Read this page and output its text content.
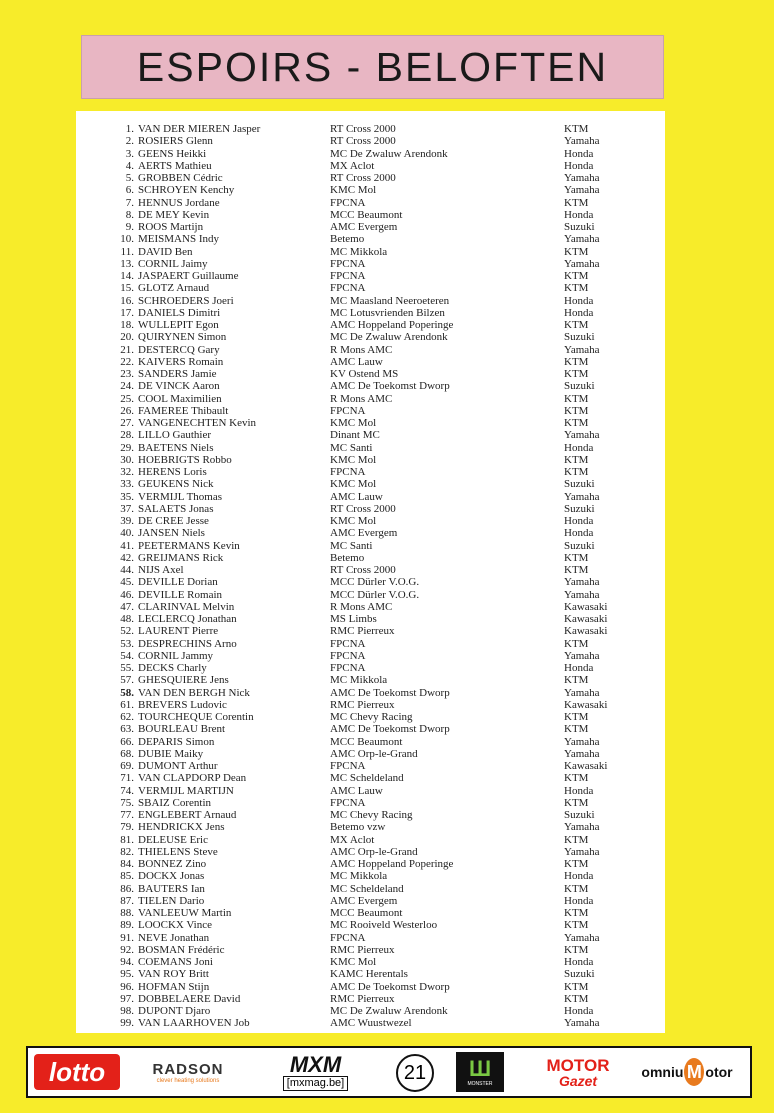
ESPOIRS - BELOFTEN
1. VAN DER MIEREN Jasper	RT Cross 2000	KTM
2. ROSIERS Glenn	RT Cross 2000	Yamaha
3. GEENS Heikki	MC De Zwaluw Arendonk	Honda
4. AERTS Mathieu	MX Aclot	Honda
5. GROBBEN Cédric	RT Cross 2000	Yamaha
6. SCHROYEN Kenchy	KMC Mol	Yamaha
7. HENNUS Jordane	FPCNA	KTM
8. DE MEY Kevin	MCC Beaumont	Honda
9. ROOS Martijn	AMC Evergem	Suzuki
10. MEISMANS Indy	Betemo	Yamaha
11. DAVID Ben	MC Mikkola	KTM
13. CORNIL Jaimy	FPCNA	Yamaha
14. JASPAERT Guillaume	FPCNA	KTM
15. GLOTZ Arnaud	FPCNA	KTM
16. SCHROEDERS Joeri	MC Maasland Neeroeteren	Honda
17. DANIELS Dimitri	MC Lotusvrienden Bilzen	Honda
18. WULLEPIT Egon	AMC Hoppeland Poperinge	KTM
20. QUIRYNEN Simon	MC De Zwaluw Arendonk	Suzuki
21. DESTERCQ Gary	R Mons AMC	Yamaha
22. KAIVERS Romain	AMC Lauw	KTM
23. SANDERS Jamie	KV Ostend MS	KTM
24. DE VINCK Aaron	AMC De Toekomst Dworp	Suzuki
25. COOL Maximilien	R Mons AMC	KTM
26. FAMEREE Thibault	FPCNA	KTM
27. VANGENECHTEN Kevin	KMC Mol	KTM
28. LILLO Gauthier	Dinant MC	Yamaha
29. BAETENS Niels	MC Santi	Honda
30. HOEBRIGTS Robbo	KMC Mol	KTM
32. HERENS Loris	FPCNA	KTM
33. GEUKENS Nick	KMC Mol	Suzuki
35. VERMIJL Thomas	AMC Lauw	Yamaha
37. SALAETS Jonas	RT Cross 2000	Suzuki
39. DE CREE Jesse	KMC Mol	Honda
40. JANSEN Niels	AMC Evergem	Honda
41. PEETERMANS Kevin	MC Santi	Suzuki
42. GREIJMANS Rick	Betemo	KTM
44. NIJS Axel	RT Cross 2000	KTM
45. DEVILLE Dorian	MCC Dürler V.O.G.	Yamaha
46. DEVILLE Romain	MCC Dürler V.O.G.	Yamaha
47. CLARINVAL Melvin	R Mons AMC	Kawasaki
48. LECLERCQ Jonathan	MS Limbs	Kawasaki
52. LAURENT Pierre	RMC Pierreux	Kawasaki
53. DESPRECHINS Arno	FPCNA	KTM
54. CORNIL Jammy	FPCNA	Yamaha
55. DECKS Charly	FPCNA	Honda
57. GHESQUIERE Jens	MC Mikkola	KTM
58. VAN DEN BERGH Nick	AMC De Toekomst Dworp	Yamaha
61. BREVERS Ludovic	RMC Pierreux	Kawasaki
62. TOURCHEQUE Corentin	MC Chevy Racing	KTM
63. BOURLEAU Brent	AMC De Toekomst Dworp	KTM
66. DEPARIS Simon	MCC Beaumont	Yamaha
68. DUBIE Maiky	AMC Orp-le-Grand	Yamaha
69. DUMONT Arthur	FPCNA	Kawasaki
71. VAN CLAPDORP Dean	MC Scheldeland	KTM
74. VERMIJL MARTIJN	AMC Lauw	Honda
75. SBAIZ Corentin	FPCNA	KTM
77. ENGLEBERT Arnaud	MC Chevy Racing	Suzuki
79. HENDRICKX Jens	Betemo vzw	Yamaha
81. DELEUSE Eric	MX Aclot	KTM
82. THIELENS Steve	AMC Orp-le-Grand	Yamaha
84. BONNEZ Zino	AMC Hoppeland Poperinge	KTM
85. DOCKX Jonas	MC Mikkola	Honda
86. BAUTERS Ian	MC Scheldeland	KTM
87. TIELEN Dario	AMC Evergem	Honda
88. VANLEEUW Martin	MCC Beaumont	KTM
89. LOOCKX Vince	MC Rooiveld Westerloo	KTM
91. NEVE Jonathan	FPCNA	Yamaha
92. BOSMAN Frédéric	RMC Pierreux	KTM
94. COEMANS Joni	KMC Mol	Honda
95. VAN ROY Britt	KAMC Herentals	Suzuki
96. HOFMAN Stijn	AMC De Toekomst Dworp	KTM
97. DOBBELAERE David	RMC Pierreux	KTM
98. DUPONT Djaro	MC De Zwaluw Arendonk	Honda
99. VAN LAARHOVEN Job	AMC Wuustwezel	Yamaha
lotto	RADSON
clever heating solutions
MXM
[mxmag.be]	21	Ш
MONSTER
MOTOR
Gazet
omniu M otor
